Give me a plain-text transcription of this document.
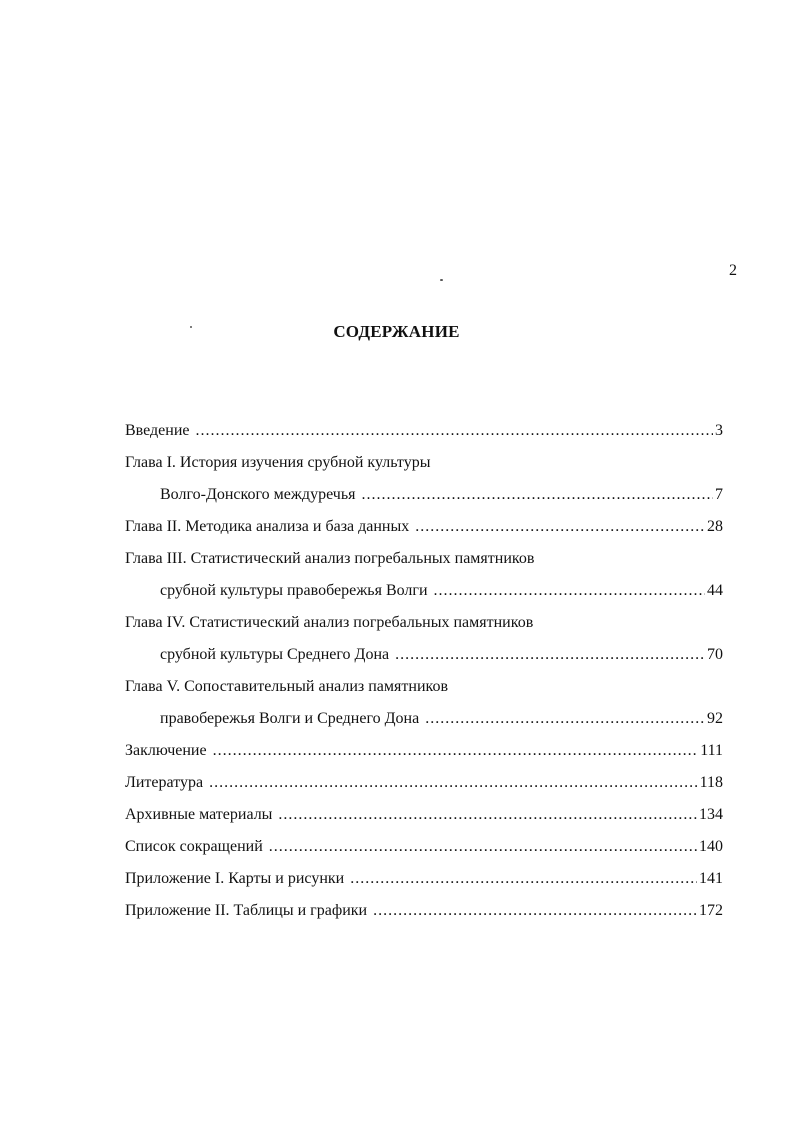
2
СОДЕРЖАНИЕ
Введение .....	3
Глава I. История изучения срубной культуры
Волго-Донского междуречья .....	7
Глава II. Методика анализа и база данных .....	28
Глава III. Статистический анализ погребальных памятников
срубной культуры правобережья Волги .....	44
Глава IV. Статистический анализ погребальных памятников
срубной культуры Среднего Дона .....	70
Глава V. Сопоставительный анализ памятников
правобережья Волги и Среднего Дона .....	92
Заключение .....	111
Литература .....	118
Архивные материалы .....	134
Список сокращений .....	140
Приложение I. Карты и рисунки .....	141
Приложение II. Таблицы и графики .....	172
